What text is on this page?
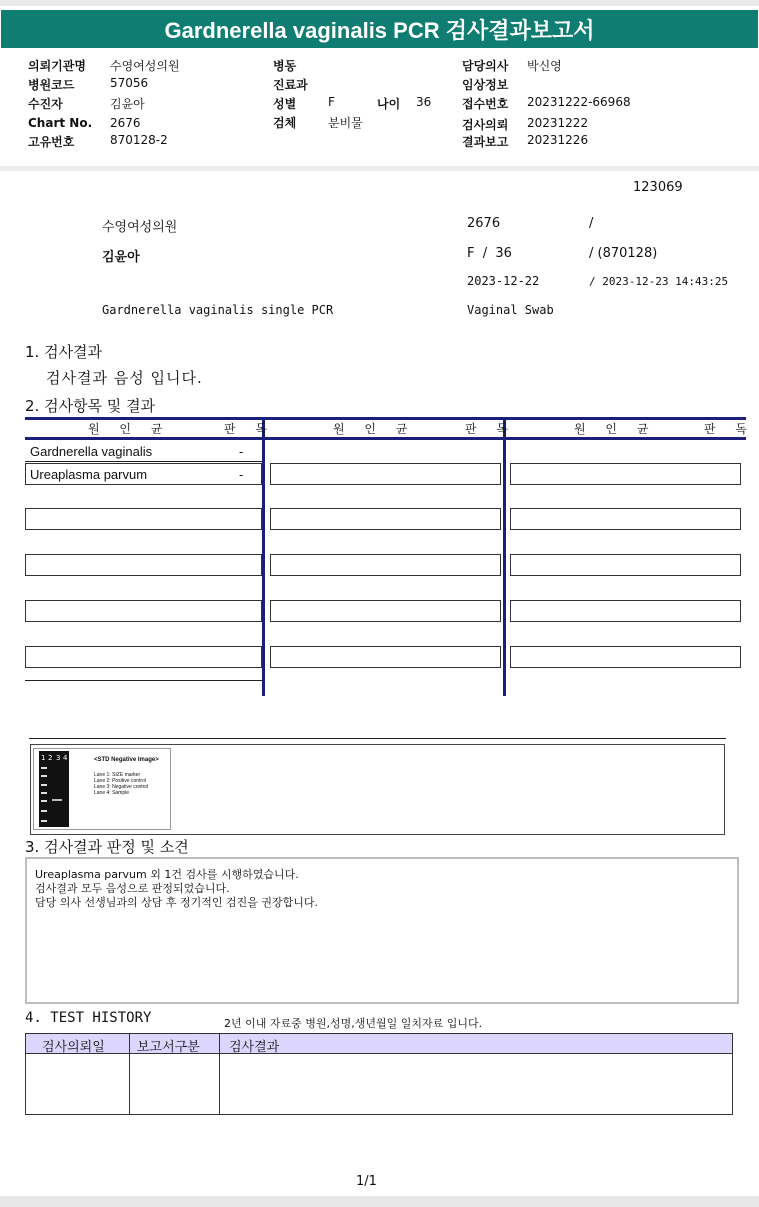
Gardnerella vaginalis PCR 검사결과보고서
의뢰기관명 수영여성의원
병원코드	57056
수진자	김윤아
Chart No. 2676
고유번호	870128-2
병동
진료과
성별	F	나이 36
검체	분비물
담당의사 박신영
임상정보
접수번호 20231222-66968
검사의뢰 20231222
결과보고 20231226
123069
수영여성의원	2676	/
김윤아	F  /  36	/ (870128)
2023-12-22	/ 2023-12-23 14:43:25
Gardnerella vaginalis single PCR	Vaginal Swab
1. 검사결과
검사결과 음성 입니다.
2. 검사항목 및 결과
원 인 균	판 독	원 인 균	판 독	원 인 균	판 독
Gardnerella vaginalis	-
Ureaplasma parvum	-
1 2 3 4	<STD Negative Image>
Lane 1: SIZE marker
Lane 2: Positive control
Lane 3: Negative control
Lane 4: Sample
3. 검사결과 판정 및 소견
Ureaplasma parvum 외 1건 검사를 시행하였습니다.
검사결과 모두 음성으로 판정되었습니다.
담당 의사 선생님과의 상담 후 정기적인 검진을 권장합니다.
4. TEST HISTORY	2년 이내 자료중 병원,성명,생년월일 일치자료 입니다.
검사의뢰일 보고서구분 검사결과
1/1
